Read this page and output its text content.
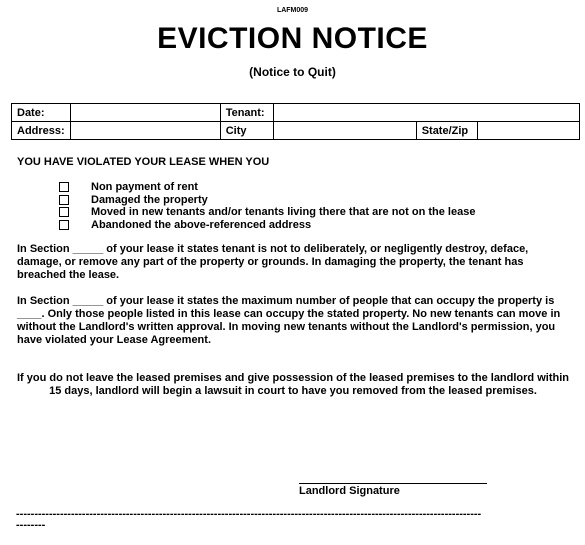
LAFM009
EVICTION NOTICE
(Notice to Quit)
Date:		Tenant:			
Address:		City		State/Zip	
YOU HAVE VIOLATED YOUR LEASE WHEN YOU
Non payment of rent
Damaged the property
Moved in new tenants and/or tenants living there that are not on the lease
Abandoned the above-referenced address
In Section _____ of your lease it states tenant is not to deliberately, or negligently destroy, deface, damage, or remove any part of the property or grounds. In damaging the property, the tenant has breached the lease.
In Section _____ of your lease it states the maximum number of people that can occupy the property is ____. Only those people listed in this lease can occupy the stated property. No new tenants can move in without the Landlord's written approval. In moving new tenants without the Landlord's permission, you have violated your Lease Agreement.
If you do not leave the leased premises and give possession of the leased premises to the landlord within 15 days, landlord will begin a lawsuit in court to have you removed from the leased premises.
Landlord Signature
-------------------------------------------------------------------------------------------------------------------------------
--------
